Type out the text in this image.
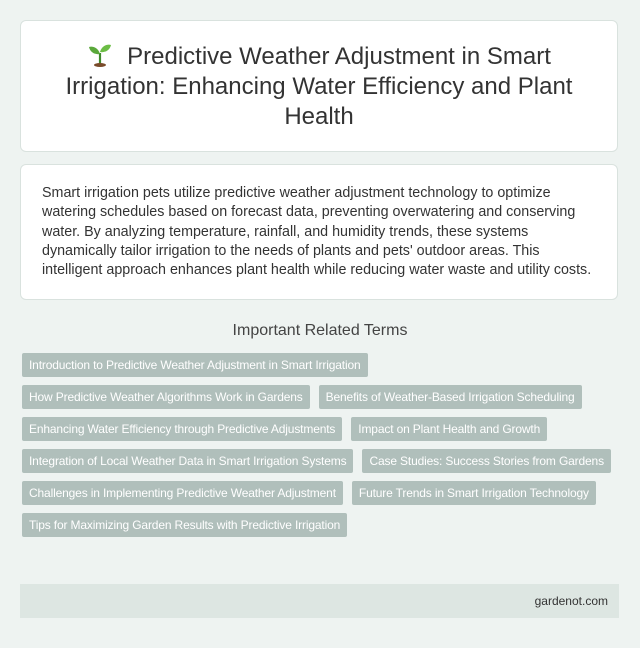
Predictive Weather Adjustment in Smart Irrigation: Enhancing Water Efficiency and Plant Health

Smart irrigation pets utilize predictive weather adjustment technology to optimize watering schedules based on forecast data, preventing overwatering and conserving water. By analyzing temperature, rainfall, and humidity trends, these systems dynamically tailor irrigation to the needs of plants and pets' outdoor areas. This intelligent approach enhances plant health while reducing water waste and utility costs.

Important Related Terms
Introduction to Predictive Weather Adjustment in Smart Irrigation
How Predictive Weather Algorithms Work in Gardens	Benefits of Weather-Based Irrigation Scheduling
Enhancing Water Efficiency through Predictive Adjustments	Impact on Plant Health and Growth
Integration of Local Weather Data in Smart Irrigation Systems	Case Studies: Success Stories from Gardens
Challenges in Implementing Predictive Weather Adjustment	Future Trends in Smart Irrigation Technology
Tips for Maximizing Garden Results with Predictive Irrigation
gardenot.com
